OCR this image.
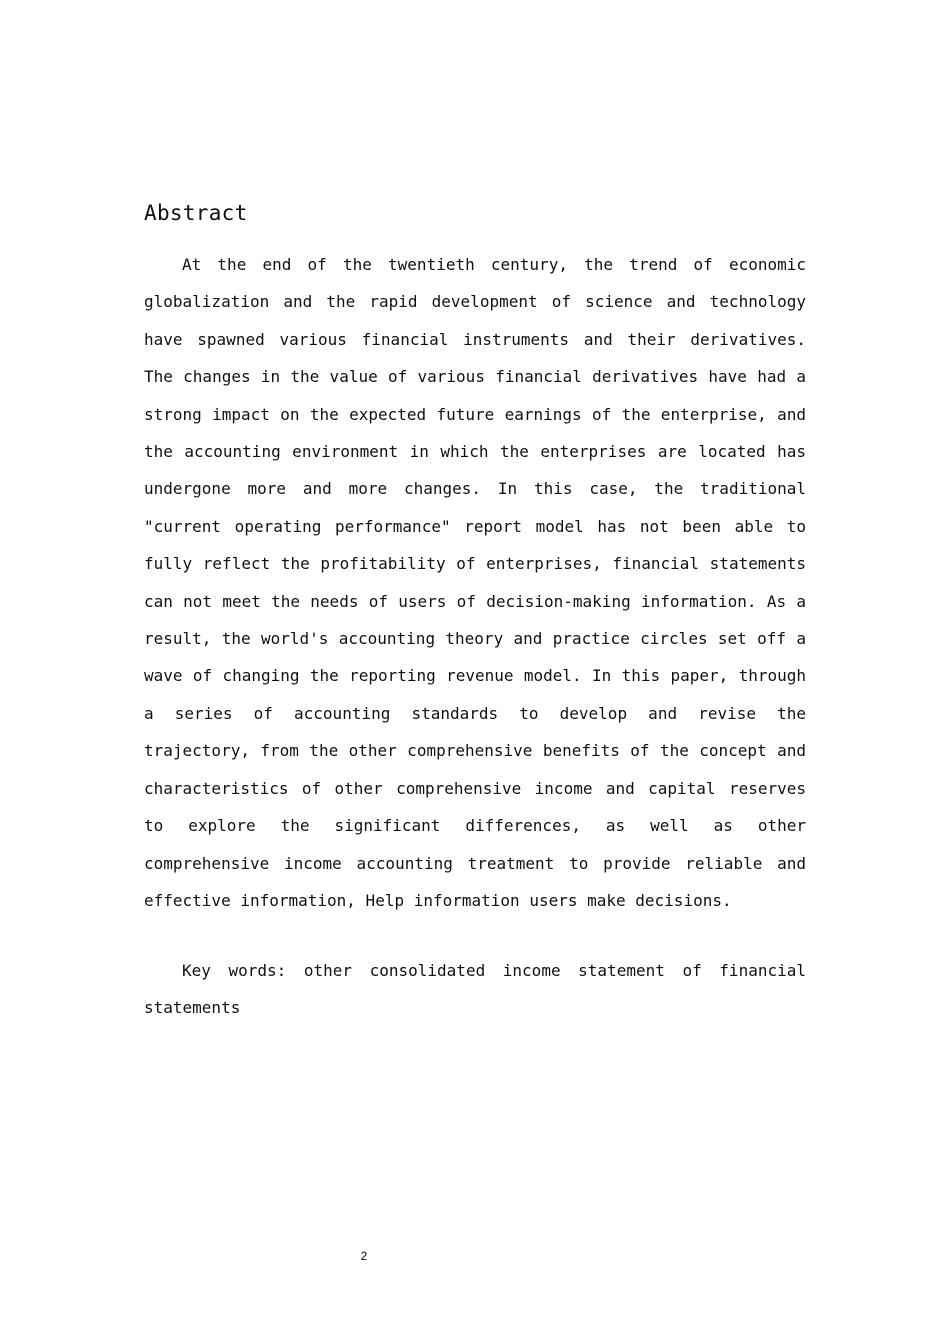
Abstract

At the end of the twentieth century, the trend of economic globalization and the rapid development of science and technology have spawned various financial instruments and their derivatives. The changes in the value of various financial derivatives have had a strong impact on the expected future earnings of the enterprise, and the accounting environment in which the enterprises are located has undergone more and more changes. In this case, the traditional "current operating performance" report model has not been able to fully reflect the profitability of enterprises, financial statements can not meet the needs of users of decision-making information. As a result, the world's accounting theory and practice circles set off a wave of changing the reporting revenue model. In this paper, through a series of accounting standards to develop and revise the trajectory, from the other comprehensive benefits of the concept and characteristics of other comprehensive income and capital reserves to explore the significant differences, as well as other comprehensive income accounting treatment to provide reliable and effective information, Help information users make decisions.

Key words: other consolidated income statement of financial statements

2
